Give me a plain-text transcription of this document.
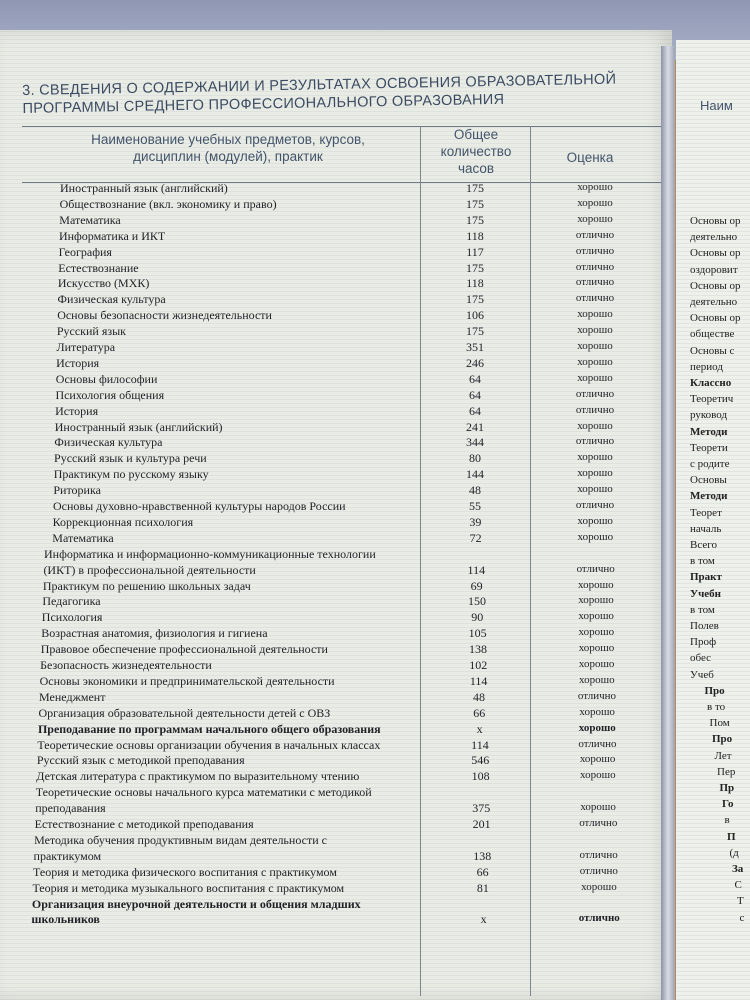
3. СВЕДЕНИЯ О СОДЕРЖАНИИ И РЕЗУЛЬТАТАХ ОСВОЕНИЯ ОБРАЗОВАТЕЛЬНОЙ
ПРОГРАММЫ СРЕДНЕГО ПРОФЕССИОНАЛЬНОГО ОБРАЗОВАНИЯ
Наименование учебных предметов, курсов,
дисциплин (модулей), практик
Общее
количество
часов
Оценка
Иностранный язык (английский)	175	хорошо
Обществознание (вкл. экономику и право)	175	хорошо
Математика	175	хорошо
Информатика и ИКТ	118	отлично
География	117	отлично
Естествознание	175	отлично
Искусство (МХК)	118	отлично
Физическая культура	175	отлично
Основы безопасности жизнедеятельности	106	хорошо
Русский язык	175	хорошо
Литература	351	хорошо
История	246	хорошо
Основы философии	64	хорошо
Психология общения	64	отлично
История	64	отлично
Иностранный язык (английский)	241	хорошо
Физическая культура	344	отлично
Русский язык и культура речи	80	хорошо
Практикум по русскому языку	144	хорошо
Риторика	48	хорошо
Основы духовно-нравственной культуры народов России	55	отлично
Коррекционная психология	39	хорошо
Математика	72	хорошо
Информатика и информационно-коммуникационные технологии
(ИКТ) в профессиональной деятельности	114	отлично
Практикум по решению школьных задач	69	хорошо
Педагогика	150	хорошо
Психология	90	хорошо
Возрастная анатомия, физиология и гигиена	105	хорошо
Правовое обеспечение профессиональной деятельности	138	хорошо
Безопасность жизнедеятельности	102	хорошо
Основы экономики и предпринимательской деятельности	114	хорошо
Менеджмент	48	отлично
Организация образовательной деятельности детей с ОВЗ	66	хорошо
Преподавание по программам начального общего образования	х	хорошо
Теоретические основы организации обучения в начальных классах	114	отлично
Русский язык с методикой преподавания	546	хорошо
Детская литература с практикумом по выразительному чтению	108	хорошо
Теоретические основы начального курса математики с методикой
преподавания	375	хорошо
Естествознание с методикой преподавания	201	отлично
Методика обучения продуктивным видам деятельности с
практикумом	138	отлично
Теория и методика физического воспитания с практикумом	66	отлично
Теория и методика музыкального воспитания с практикумом	81	хорошо
Организация внеурочной деятельности и общения младших
школьников	х	отлично
Наим
Основы ор
деятельно
Основы ор
оздоровит
Основы ор
деятельно
Основы ор
обществе
Основы с
период
Классно
Теоретич
руковод
Методи
Теорети
с родите
Основы
Методи
Теорет
началь
Всего
в том
Практ
Учебн
в том
Полев
Проф
обес
Учеб
Про
в то
Пом
Про
Лет
Пер
Пр
Го
в
П
(д
За
С
Т
с
